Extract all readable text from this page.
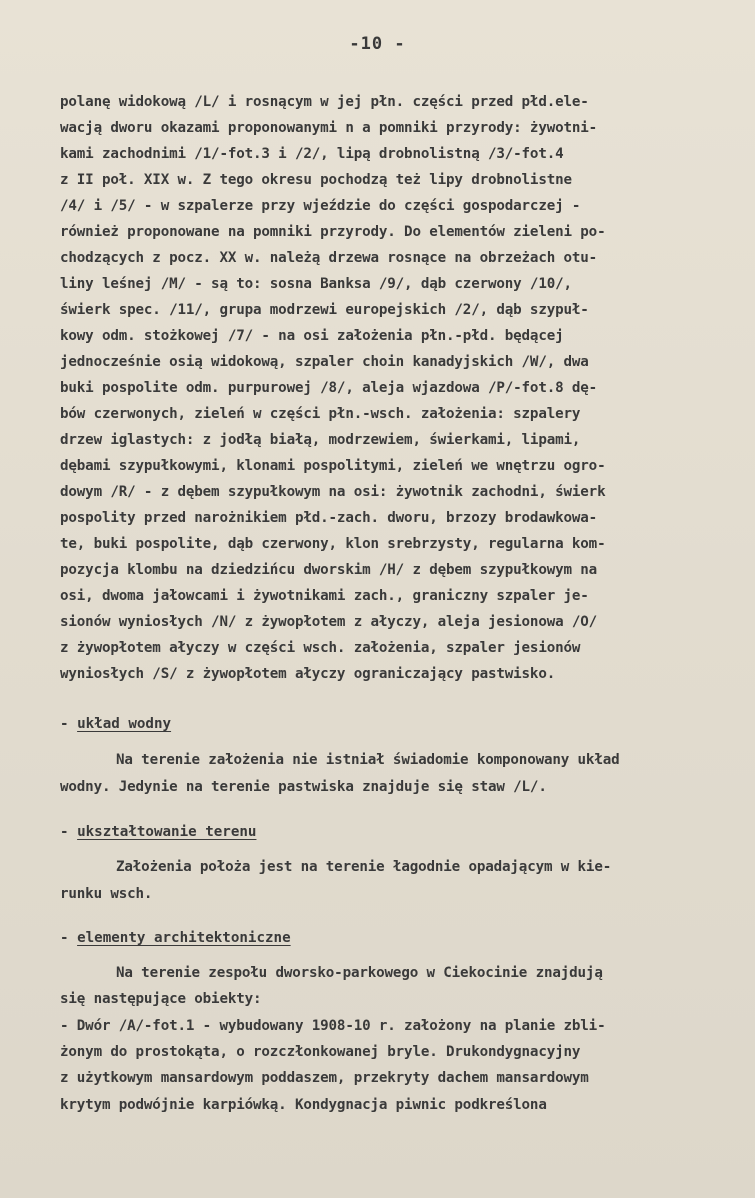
-10 -
polanę widokową /L/ i rosnącym w jej płn. części przed płd.ele-
wacją dworu okazami proponowanymi n a pomniki przyrody: żywotni-
kami zachodnimi /1/-fot.3 i /2/, lipą drobnolistną /3/-fot.4
z II poł. XIX w. Z tego okresu pochodzą też lipy drobnolistne
/4/ i /5/ - w szpalerze przy wjeździe do części gospodarczej -
również proponowane na pomniki przyrody. Do elementów zieleni po-
chodzących z pocz. XX w. należą drzewa rosnące na obrzeżach otu-
liny leśnej /M/ - są to: sosna Banksa /9/, dąb czerwony /10/,
świerk spec. /11/, grupa modrzewi europejskich /2/, dąb szypuł-
kowy odm. stożkowej /7/ - na osi założenia płn.-płd. będącej
jednocześnie osią widokową, szpaler choin kanadyjskich /W/, dwa
buki pospolite odm. purpurowej /8/, aleja wjazdowa /P/-fot.8 dę-
bów czerwonych, zieleń w części płn.-wsch. założenia: szpalery
drzew iglastych: z jodłą białą, modrzewiem, świerkami, lipami,
dębami szypułkowymi, klonami pospolitymi, zieleń we wnętrzu ogro-
dowym /R/ - z dębem szypułkowym na osi: żywotnik zachodni, świerk
pospolity przed narożnikiem płd.-zach. dworu, brzozy brodawkowa-
te, buki pospolite, dąb czerwony, klon srebrzysty, regularna kom-
pozycja klombu na dziedzińcu dworskim /H/ z dębem szypułkowym na
osi, dwoma jałowcami i żywotnikami zach., graniczny szpaler je-
sionów wyniosłych /N/ z żywopłotem z ałyczy, aleja jesionowa /O/
z żywopłotem ałyczy w części wsch. założenia, szpaler jesionów
wyniosłych /S/ z żywopłotem ałyczy ograniczający pastwisko.
- układ wodny
Na terenie założenia nie istniał świadomie komponowany układ
wodny. Jedynie na terenie pastwiska znajduje się staw /L/.
- ukształtowanie terenu
Założenia położa jest na terenie łagodnie opadającym w kie-
runku wsch.
- elementy architektoniczne
Na terenie zespołu dworsko-parkowego w Ciekocinie znajdują
się następujące obiekty:
- Dwór /A/-fot.1 - wybudowany 1908-10 r. założony na planie zbli-
żonym do prostokąta, o rozczłonkowanej bryle. Drukondygnacyjny
z użytkowym mansardowym poddaszem, przekryty dachem mansardowym
krytym podwójnie karpiówką. Kondygnacja piwnic podkreślona
